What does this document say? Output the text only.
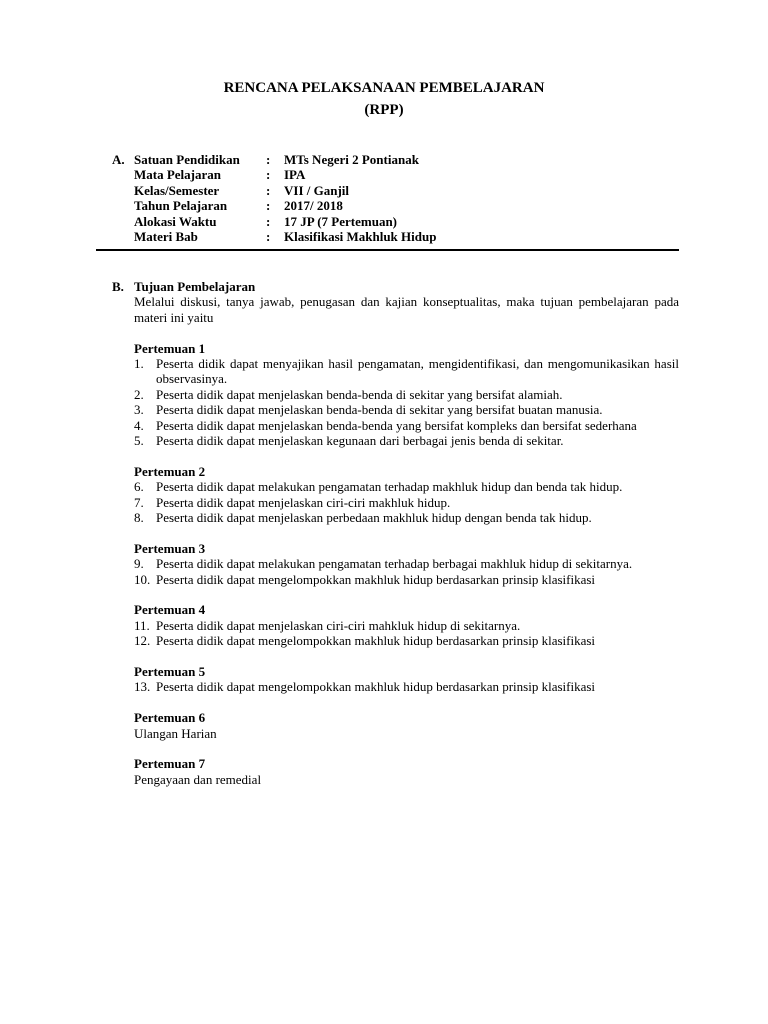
RENCANA PELAKSANAAN PEMBELAJARAN
(RPP)
A. Satuan Pendidikan	:	MTs Negeri 2 Pontianak
Mata Pelajaran	:	IPA
Kelas/Semester	:	VII / Ganjil
Tahun Pelajaran	:	2017/ 2018
Alokasi Waktu	:	17 JP (7 Pertemuan)
Materi Bab	:	Klasifikasi Makhluk Hidup
B. Tujuan Pembelajaran
Melalui diskusi, tanya jawab, penugasan dan kajian konseptualitas, maka tujuan pembelajaran pada materi ini yaitu
Pertemuan 1
1. Peserta didik dapat menyajikan hasil pengamatan, mengidentifikasi, dan mengomunikasikan hasil observasinya.
2. Peserta didik dapat menjelaskan benda-benda di sekitar yang bersifat alamiah.
3. Peserta didik dapat menjelaskan benda-benda di sekitar yang bersifat buatan manusia.
4. Peserta didik dapat menjelaskan benda-benda yang bersifat kompleks dan bersifat sederhana
5. Peserta didik dapat menjelaskan kegunaan dari berbagai jenis benda di sekitar.
Pertemuan 2
6. Peserta didik dapat melakukan pengamatan terhadap makhluk hidup dan benda tak hidup.
7. Peserta didik dapat menjelaskan ciri-ciri makhluk hidup.
8. Peserta didik dapat menjelaskan perbedaan makhluk hidup dengan benda tak hidup.
Pertemuan 3
9. Peserta didik dapat melakukan pengamatan terhadap berbagai makhluk hidup di sekitarnya.
10. Peserta didik dapat mengelompokkan makhluk hidup berdasarkan prinsip klasifikasi
Pertemuan 4
11. Peserta didik dapat menjelaskan ciri-ciri mahkluk hidup di sekitarnya.
12. Peserta didik dapat mengelompokkan makhluk hidup berdasarkan prinsip klasifikasi
Pertemuan 5
13. Peserta didik dapat mengelompokkan makhluk hidup berdasarkan prinsip klasifikasi
Pertemuan 6
Ulangan Harian
Pertemuan 7
Pengayaan dan remedial
